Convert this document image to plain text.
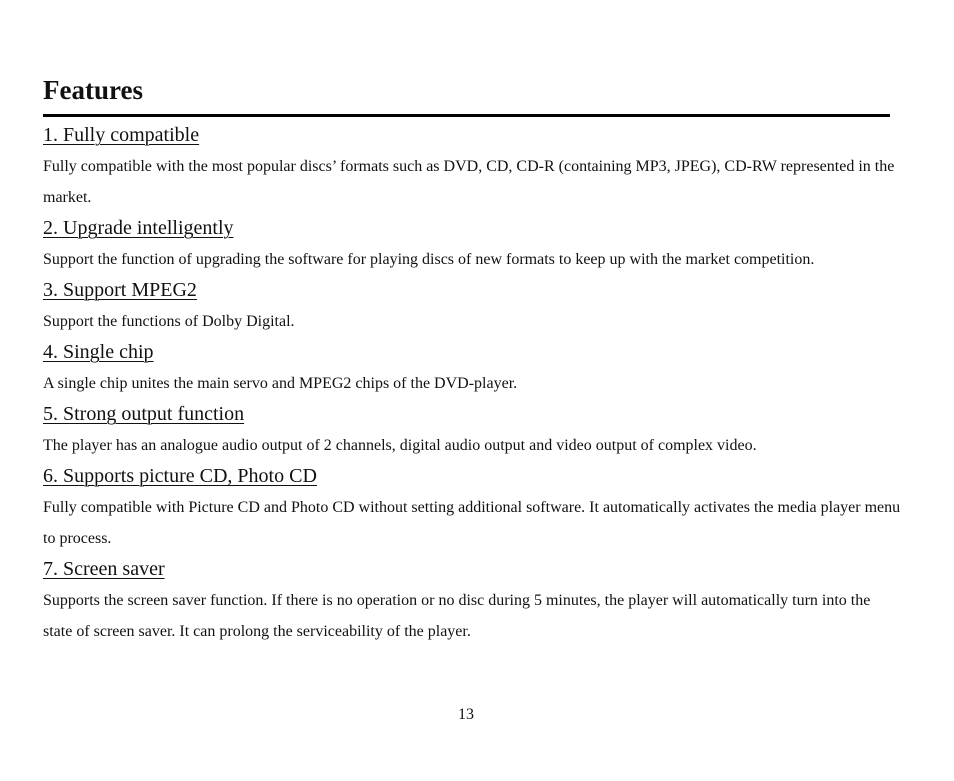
Features
1. Fully compatible

Fully compatible with the most popular discs’ formats such as DVD, CD, CD-R (containing MP3, JPEG), CD-RW represented in the market.

2. Upgrade intelligently

Support the function of upgrading the software for playing discs of new formats to keep up with the market competition.

3. Support MPEG2

Support the functions of Dolby Digital.

4. Single chip

A single chip unites the main servo and MPEG2 chips of the DVD-player.

5. Strong output function

The player has an analogue audio output of 2 channels, digital audio output and video output of complex video.

6. Supports picture CD, Photo CD

Fully compatible with Picture CD and Photo CD without setting additional software. It automatically activates the media player menu to process.

7. Screen saver

Supports the screen saver function. If there is no operation or no disc during 5 minutes, the player will automatically turn into the state of screen saver. It can prolong the serviceability of the player.

13
